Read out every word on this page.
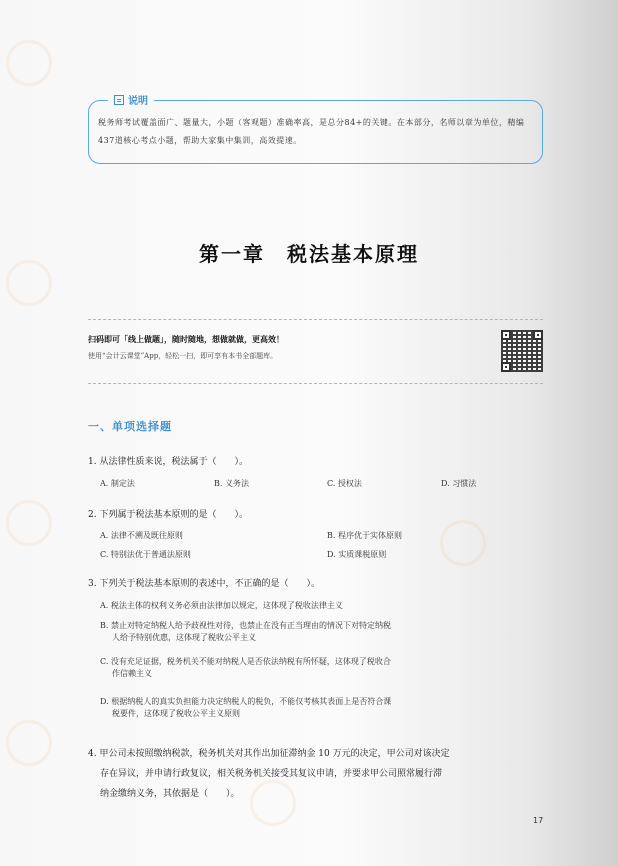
说明
税务师考试覆盖面广、题量大，小题（客观题）准确率高，是总分84+的关键。在本部分，名师以章为单位，精编437道核心考点小题，帮助大家集中集训，高效提速。
第一章 税法基本原理
扫码即可「线上做题」，随时随地，想做就做，更高效！
使用“会计云课堂”App，轻松一扫，即可享有本书全部题库。
一、单项选择题
1. 从法律性质来说，税法属于（　　）。
A. 制定法	B. 义务法	C. 授权法	D. 习惯法
2. 下列属于税法基本原则的是（　　）。
A. 法律不溯及既往原则	B. 程序优于实体原则
C. 特别法优于普通法原则	D. 实质课税原则
3. 下列关于税法基本原则的表述中，不正确的是（　　）。
A. 税法主体的权利义务必须由法律加以规定，这体现了税收法律主义
B. 禁止对特定纳税人给予歧视性对待，也禁止在没有正当理由的情况下对特定纳税
人给予特别优惠，这体现了税收公平主义
C. 没有充足证据，税务机关不能对纳税人是否依法纳税有所怀疑，这体现了税收合
作信赖主义
D. 根据纳税人的真实负担能力决定纳税人的税负，不能仅考核其表面上是否符合课
税要件，这体现了税收公平主义原则
4. 甲公司未按照缴纳税款，税务机关对其作出加征滞纳金 10 万元的决定，甲公司对该决定
存在异议，并申请行政复议，相关税务机关接受其复议申请，并要求甲公司照常履行滞
纳金缴纳义务，其依据是（　　）。
17
